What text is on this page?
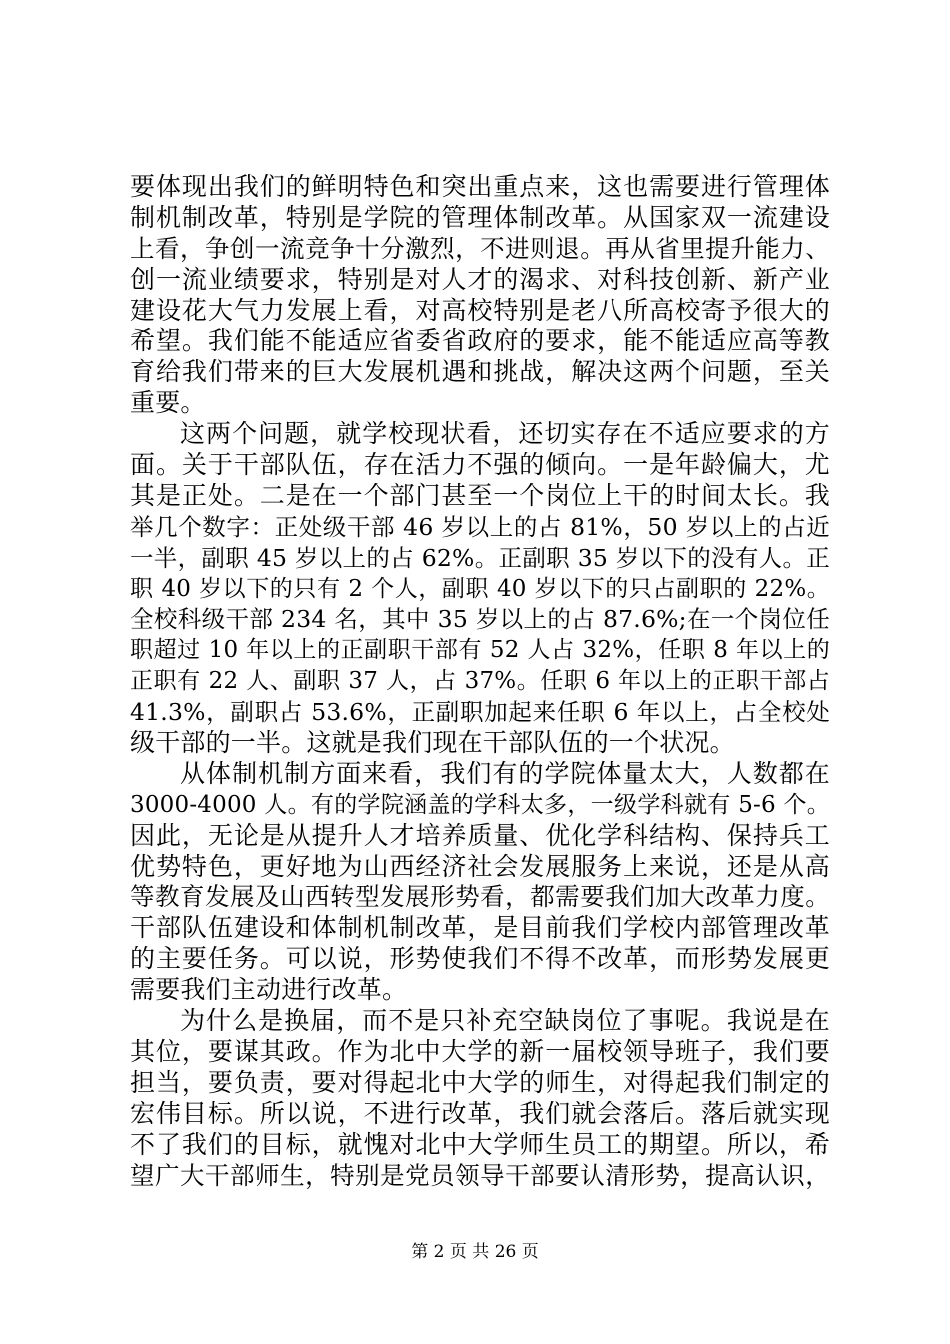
要体现出我们的鲜明特色和突出重点来，这也需要进行管理体
制机制改革，特别是学院的管理体制改革。从国家双一流建设
上看，争创一流竞争十分激烈，不进则退。再从省里提升能力、
创一流业绩要求，特别是对人才的渴求、对科技创新、新产业
建设花大气力发展上看，对高校特别是老八所高校寄予很大的
希望。我们能不能适应省委省政府的要求，能不能适应高等教
育给我们带来的巨大发展机遇和挑战，解决这两个问题，至关
重要。
这两个问题，就学校现状看，还切实存在不适应要求的方
面。关于干部队伍，存在活力不强的倾向。一是年龄偏大，尤
其是正处。二是在一个部门甚至一个岗位上干的时间太长。我
举几个数字：正处级干部 46 岁以上的占 81%，50 岁以上的占近
一半，副职 45 岁以上的占 62%。正副职 35 岁以下的没有人。正
职 40 岁以下的只有 2 个人，副职 40 岁以下的只占副职的 22%。
全校科级干部 234 名，其中 35 岁以上的占 87.6%;在一个岗位任
职超过 10 年以上的正副职干部有 52 人占 32%，任职 8 年以上的
正职有 22 人、副职 37 人，占 37%。任职 6 年以上的正职干部占
41.3%，副职占 53.6%，正副职加起来任职 6 年以上，占全校处
级干部的一半。这就是我们现在干部队伍的一个状况。
从体制机制方面来看，我们有的学院体量太大，人数都在
3000-4000 人。有的学院涵盖的学科太多，一级学科就有 5-6 个。
因此，无论是从提升人才培养质量、优化学科结构、保持兵工
优势特色，更好地为山西经济社会发展服务上来说，还是从高
等教育发展及山西转型发展形势看，都需要我们加大改革力度。
干部队伍建设和体制机制改革，是目前我们学校内部管理改革
的主要任务。可以说，形势使我们不得不改革，而形势发展更
需要我们主动进行改革。
为什么是换届，而不是只补充空缺岗位了事呢。我说是在
其位，要谋其政。作为北中大学的新一届校领导班子，我们要
担当，要负责，要对得起北中大学的师生，对得起我们制定的
宏伟目标。所以说，不进行改革，我们就会落后。落后就实现
不了我们的目标，就愧对北中大学师生员工的期望。所以，希
望广大干部师生，特别是党员领导干部要认清形势，提高认识，
第 2 页 共 26 页
